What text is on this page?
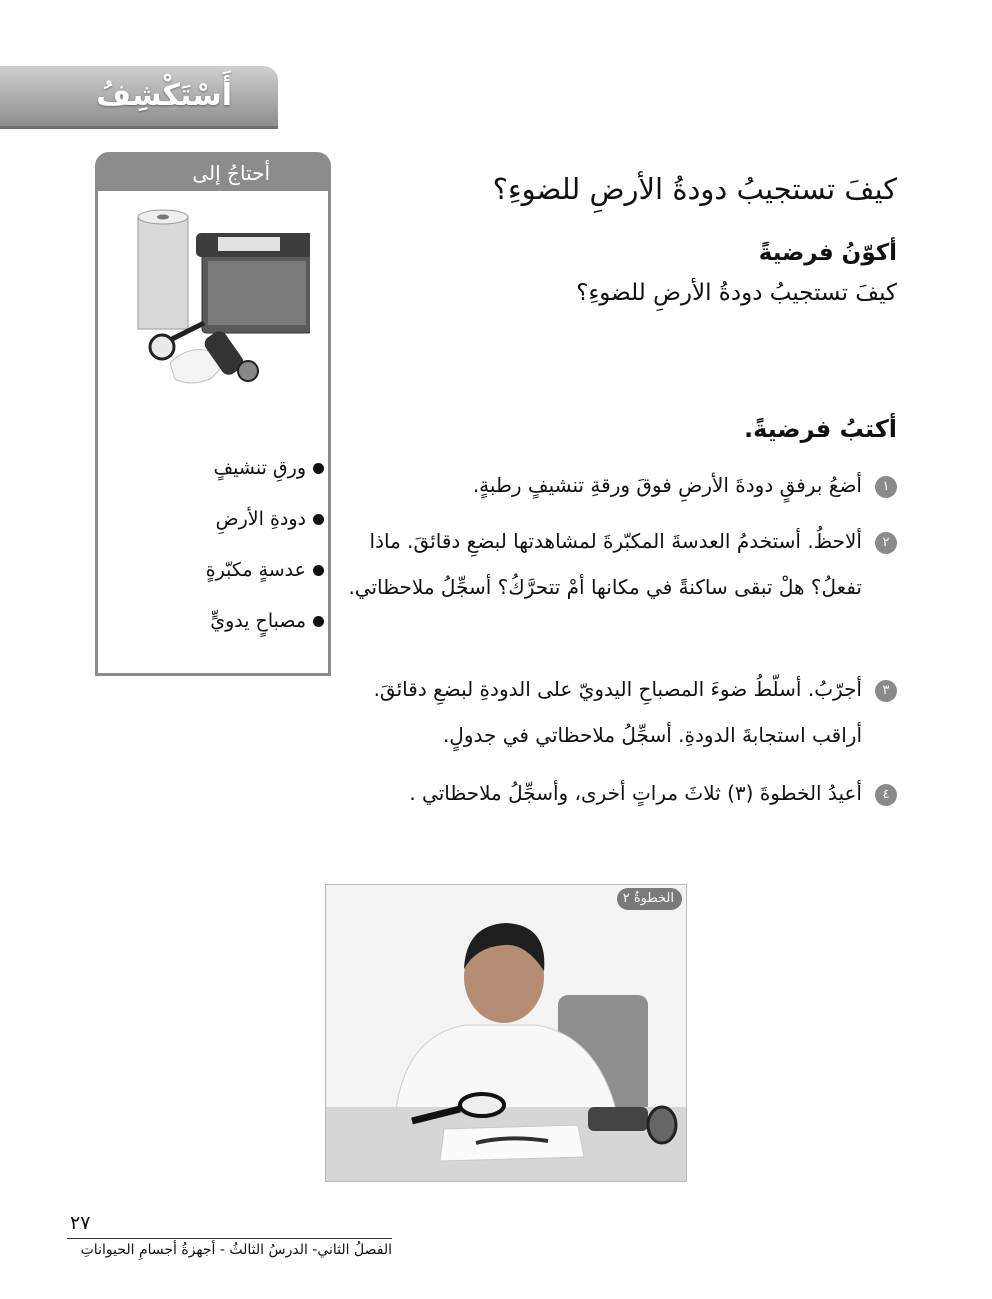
أَسْتَكْشِفُ
أحتاجُ إلى
ورقِ تنشيفٍ
دودةِ الأرضِ
عدسةٍ مكبّرةٍ
مصباحٍ يدويٍّ
كيفَ تستجيبُ دودةُ الأرضِ للضوءِ؟
أكوّنُ فرضيةً
كيفَ تستجيبُ دودةُ الأرضِ للضوءِ؟
أكتبُ فرضيةً.
١أضعُ برفقٍ دودةَ الأرضِ فوقَ ورقةِ تنشيفٍ رطبةٍ.
٢ألاحظُ. أستخدمُ العدسةَ المكبّرةَ لمشاهدتها لبضعِ دقائقَ. ماذا
تفعلُ؟ هلْ تبقى ساكنةً في مكانها أمْ تتحرَّكُ؟ أسجِّلُ ملاحظاتي.
٣أجرّبُ. أسلّطُ ضوءَ المصباحِ اليدويّ على الدودةِ لبضعِ دقائقَ.
أراقب استجابةَ الدودةِ. أسجِّلُ ملاحظاتي في جدولٍ.
٤أعيدُ الخطوةَ (٣) ثلاثَ مراتٍ أخرى، وأسجِّلُ ملاحظاتي .
الخطوةُ ٢
٢٧
الفصلُ الثاني- الدرسُ الثالثُ - أجهزةُ أجسامِ الحيواناتِ
